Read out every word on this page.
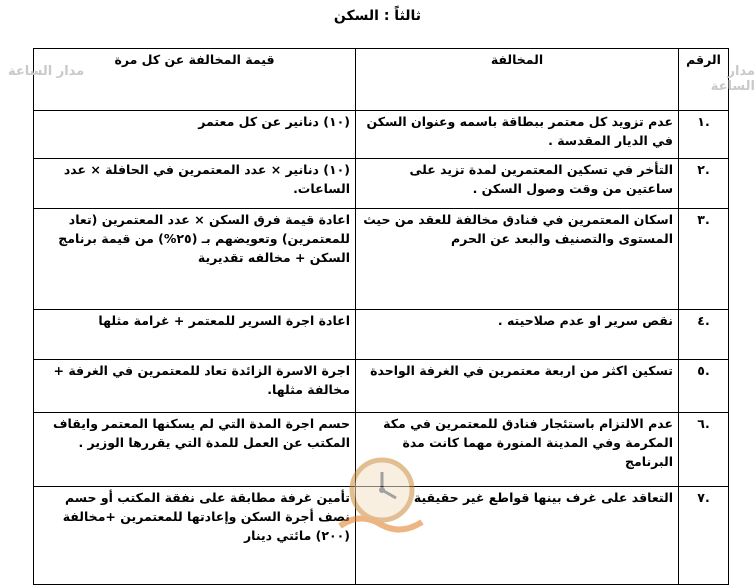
ثالثاً : السكن
الرقم	المخالفة	قيمة المخالفة عن كل مرة
.١	عدم تزويد كل معتمر ببطاقة باسمه وعنوان السكن في الديار المقدسة .	(١٠) دنانير عن كل معتمر
.٢	التأخر في تسكين المعتمرين لمدة تزيد على ساعتين من وقت وصول السكن .	(١٠) دنانير × عدد المعتمرين في الحافلة × عدد الساعات.
.٣	اسكان المعتمرين في فنادق مخالفة للعقد من حيث المستوى والتصنيف والبعد عن الحرم	اعادة قيمة فرق السكن × عدد المعتمرين (تعاد للمعتمرين) وتعويضهم بـ (٢٥%) من قيمة برنامج السكن + مخالفه تقديرية
.٤	نقص سرير او عدم صلاحيته .	اعادة اجرة السرير للمعتمر + غرامة مثلها
.٥	تسكين اكثر من اربعة معتمرين في الغرفة الواحدة	اجرة الاسرة الزائدة تعاد للمعتمرين في الغرفة + مخالفة مثلها.
.٦	عدم الالتزام باستئجار فنادق للمعتمرين في مكة المكرمة وفي المدينة المنورة مهما كانت مدة البرنامج	حسم اجرة المدة التي لم يسكنها المعتمر وايقاف المكتب عن العمل للمدة التي يقررها الوزير .
.٧	التعاقد على غرف بينها قواطع غير حقيقية	تأمين غرفة مطابقة على نفقة المكتب أو حسم نصف أجرة السكن وإعادتها للمعتمرين +مخالفة (٢٠٠) مائتي دينار
مدار الساعة	مدار الساعة
